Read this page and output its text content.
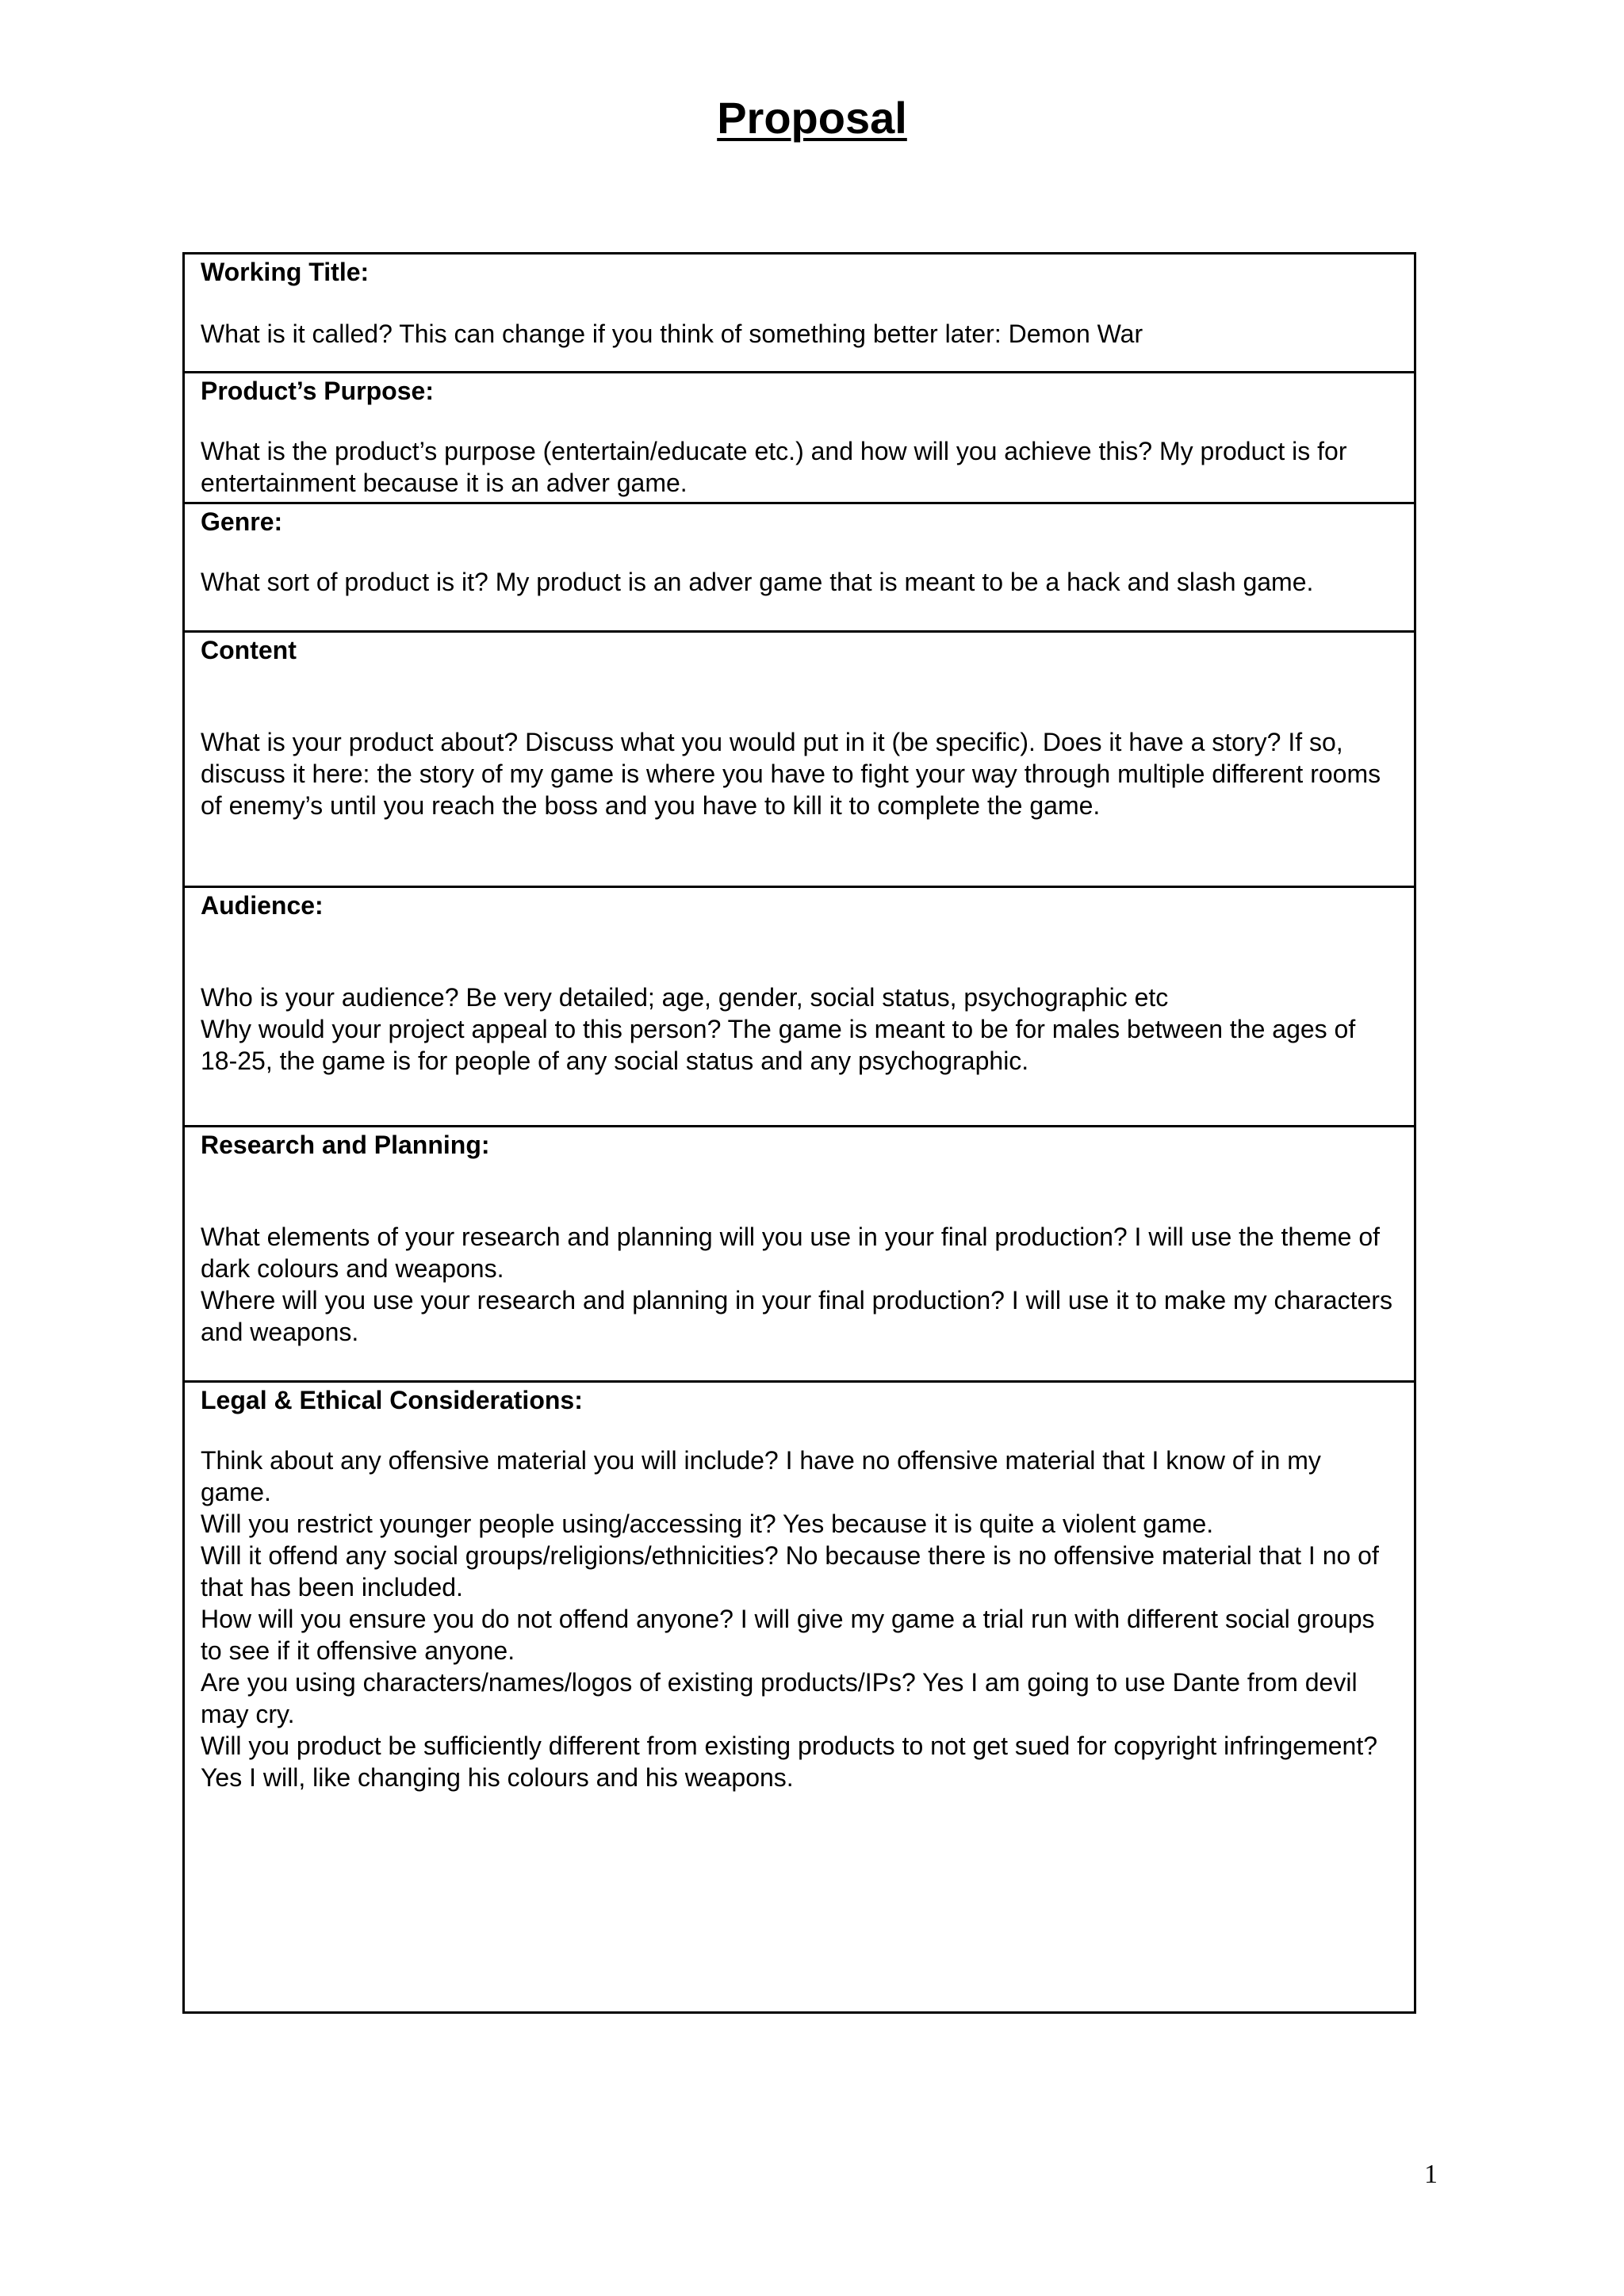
Proposal

Working Title:

What is it called? This can change if you think of something better later: Demon War

Product’s Purpose:

What is the product’s purpose (entertain/educate etc.) and how will you achieve this? My product is for entertainment because it is an adver game.

Genre:

What sort of product is it? My product is an adver game that is meant to be a hack and slash game.

Content

What is your product about? Discuss what you would put in it (be specific). Does it have a story? If so, discuss it here: the story of my game is where you have to fight your way through multiple different rooms of enemy’s until you reach the boss and you have to kill it to complete the game.

Audience:

Who is your audience? Be very detailed; age, gender, social status, psychographic etc

Why would your project appeal to this person? The game is meant to be for males between the ages of 18-25, the game is for people of any social status and any psychographic.

Research and Planning:

What elements of your research and planning will you use in your final production? I will use the theme of dark colours and weapons.

Where will you use your research and planning in your final production? I will use it to make my characters and weapons.

Legal & Ethical Considerations:

Think about any offensive material you will include? I have no offensive material that I know of in my game.

Will you restrict younger people using/accessing it? Yes because it is quite a violent game.

Will it offend any social groups/religions/ethnicities? No because there is no offensive material that I no of that has been included.

How will you ensure you do not offend anyone? I will give my game a trial run with different social groups to see if it offensive anyone.

Are you using characters/names/logos of existing products/IPs? Yes I am going to use Dante from devil may cry.

Will you product be sufficiently different from existing products to not get sued for copyright infringement? Yes I will, like changing his colours and his weapons.

1
